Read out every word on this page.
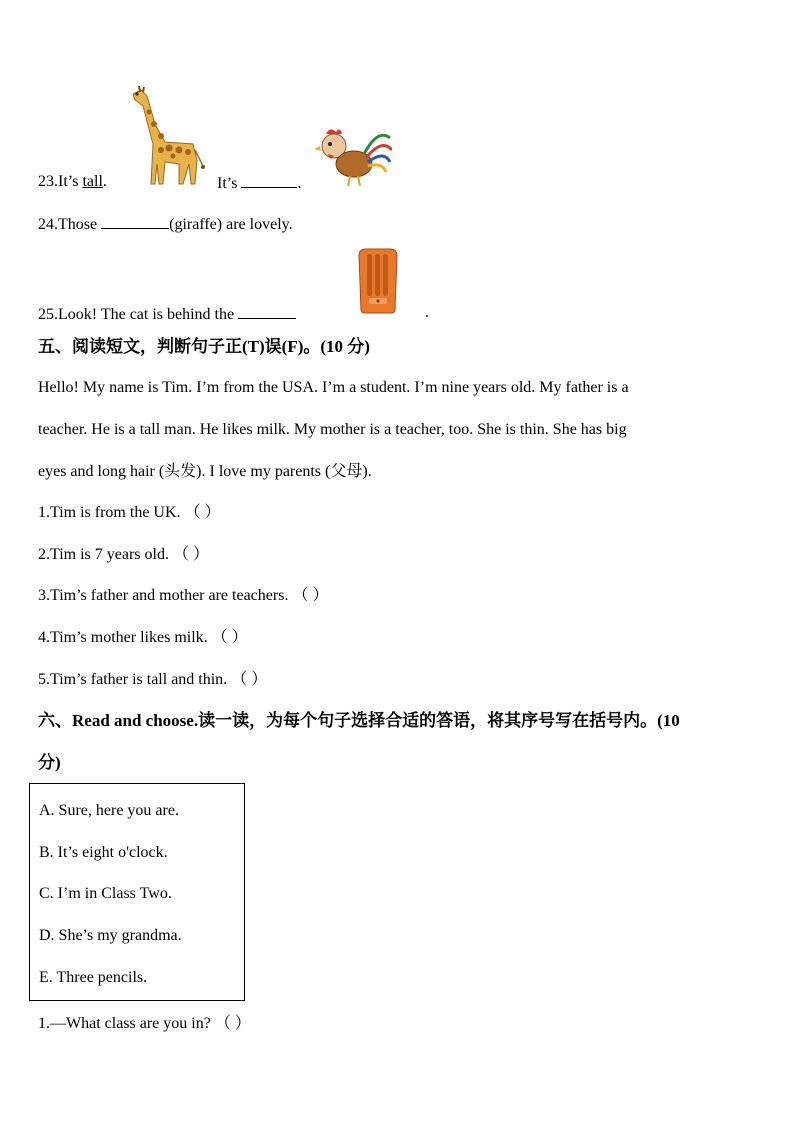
23.It’s tall.	It’s	.
24.Those	(giraffe) are lovely.
25.Look! The cat is behind the	.
五、阅读短文，判断句子正(T)误(F)。(10 分)
Hello! My name is Tim. I’m from the USA. I’m a student. I’m nine years old. My father is a
teacher. He is a tall man. He likes milk. My mother is a teacher, too. She is thin. She has big
eyes and long hair (头发). I love my parents (父母).
1.Tim is from the UK. （ ）
2.Tim is 7 years old. （ ）
3.Tim’s father and mother are teachers. （ ）
4.Tim’s mother likes milk. （ ）
5.Tim’s father is tall and thin. （ ）
六、Read and choose.读一读，为每个句子选择合适的答语，将其序号写在括号内。(10
分)
A. Sure, here you are.
B. It’s eight o'clock.
C. I’m in Class Two.
D. She’s my grandma.
E. Three pencils.
1.—What class are you in? （ ）
